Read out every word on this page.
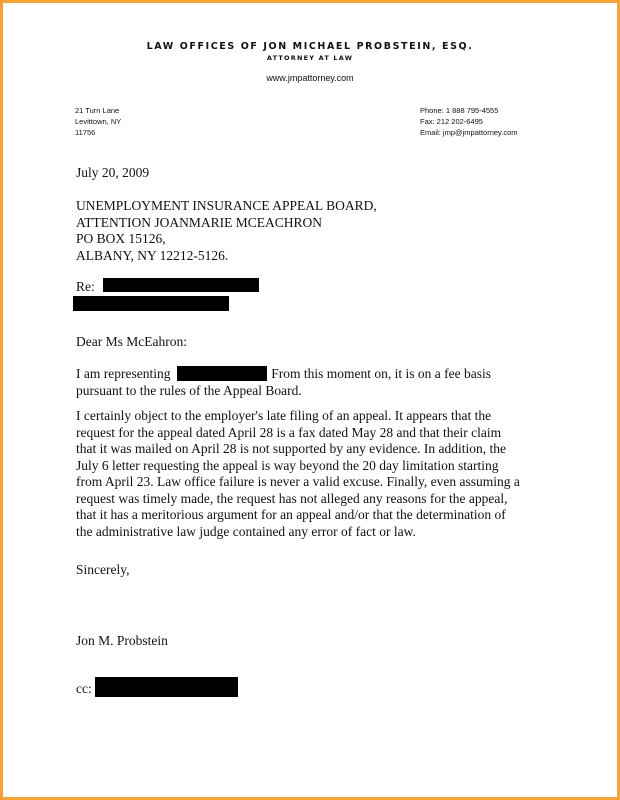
LAW OFFICES OF JON MICHAEL PROBSTEIN, ESQ.
ATTORNEY AT LAW
www.jmpattorney.com
21 Turn Lane
Levittown, NY
11756
Phone: 1 888 795-4555
Fax: 212 202-6495
Email: jmp@jmpattorney.com
July 20, 2009
UNEMPLOYMENT INSURANCE APPEAL BOARD,
ATTENTION JOANMARIE MCEACHRON
PO BOX 15126,
ALBANY, NY 12212-5126.
Re:
Dear Ms McEahron:
I am representing	From this moment on, it is on a fee basis
pursuant to the rules of the Appeal Board.
I certainly object to the employer's late filing of an appeal. It appears that the
request for the appeal dated April 28 is a fax dated May 28 and that their claim
that it was mailed on April 28 is not supported by any evidence. In addition, the
July 6 letter requesting the appeal is way beyond the 20 day limitation starting
from April 23. Law office failure is never a valid excuse. Finally, even assuming a
request was timely made, the request has not alleged any reasons for the appeal,
that it has a meritorious argument for an appeal and/or that the determination of
the administrative law judge contained any error of fact or law.
Sincerely,
Jon M. Probstein
cc:
